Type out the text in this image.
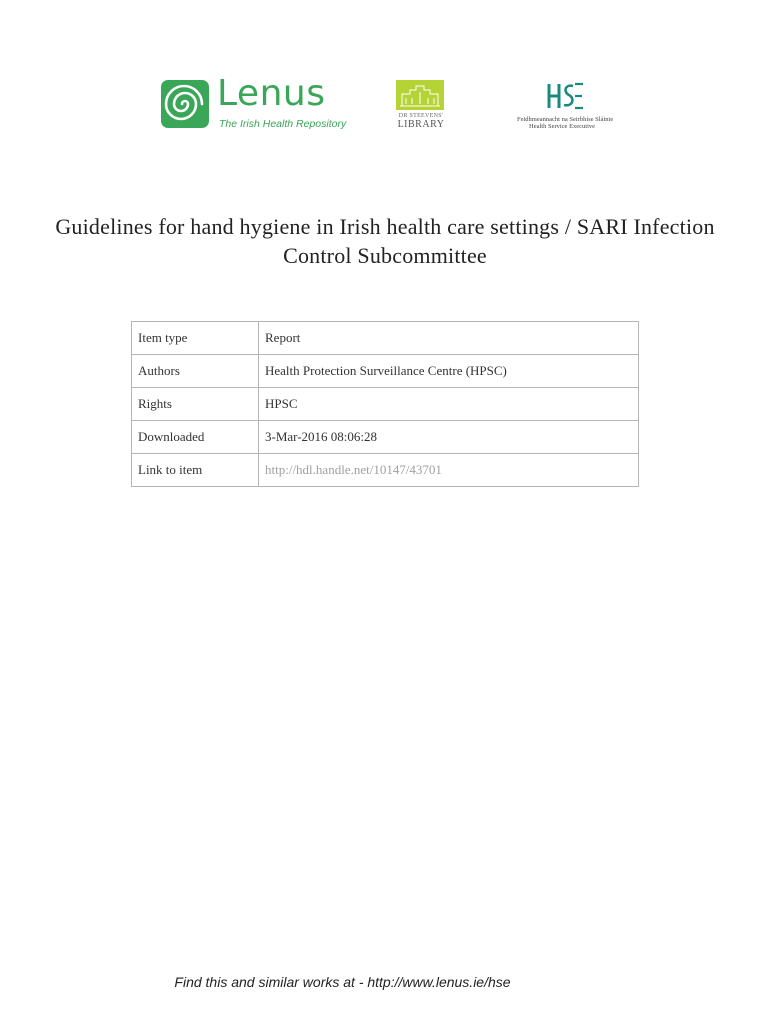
Lenus
The Irish Health Repository
DR STEEVENS'
LIBRARY	Feidhmeannacht na Seirbhíse Sláinte
Health Service Executive
Guidelines for hand hygiene in Irish health care settings / SARI Infection Control Subcommittee
Item type	Report
Authors	Health Protection Surveillance Centre (HPSC)
Rights	HPSC
Downloaded	3-Mar-2016 08:06:28
Link to item	http://hdl.handle.net/10147/43701
Find this and similar works at - http://www.lenus.ie/hse
